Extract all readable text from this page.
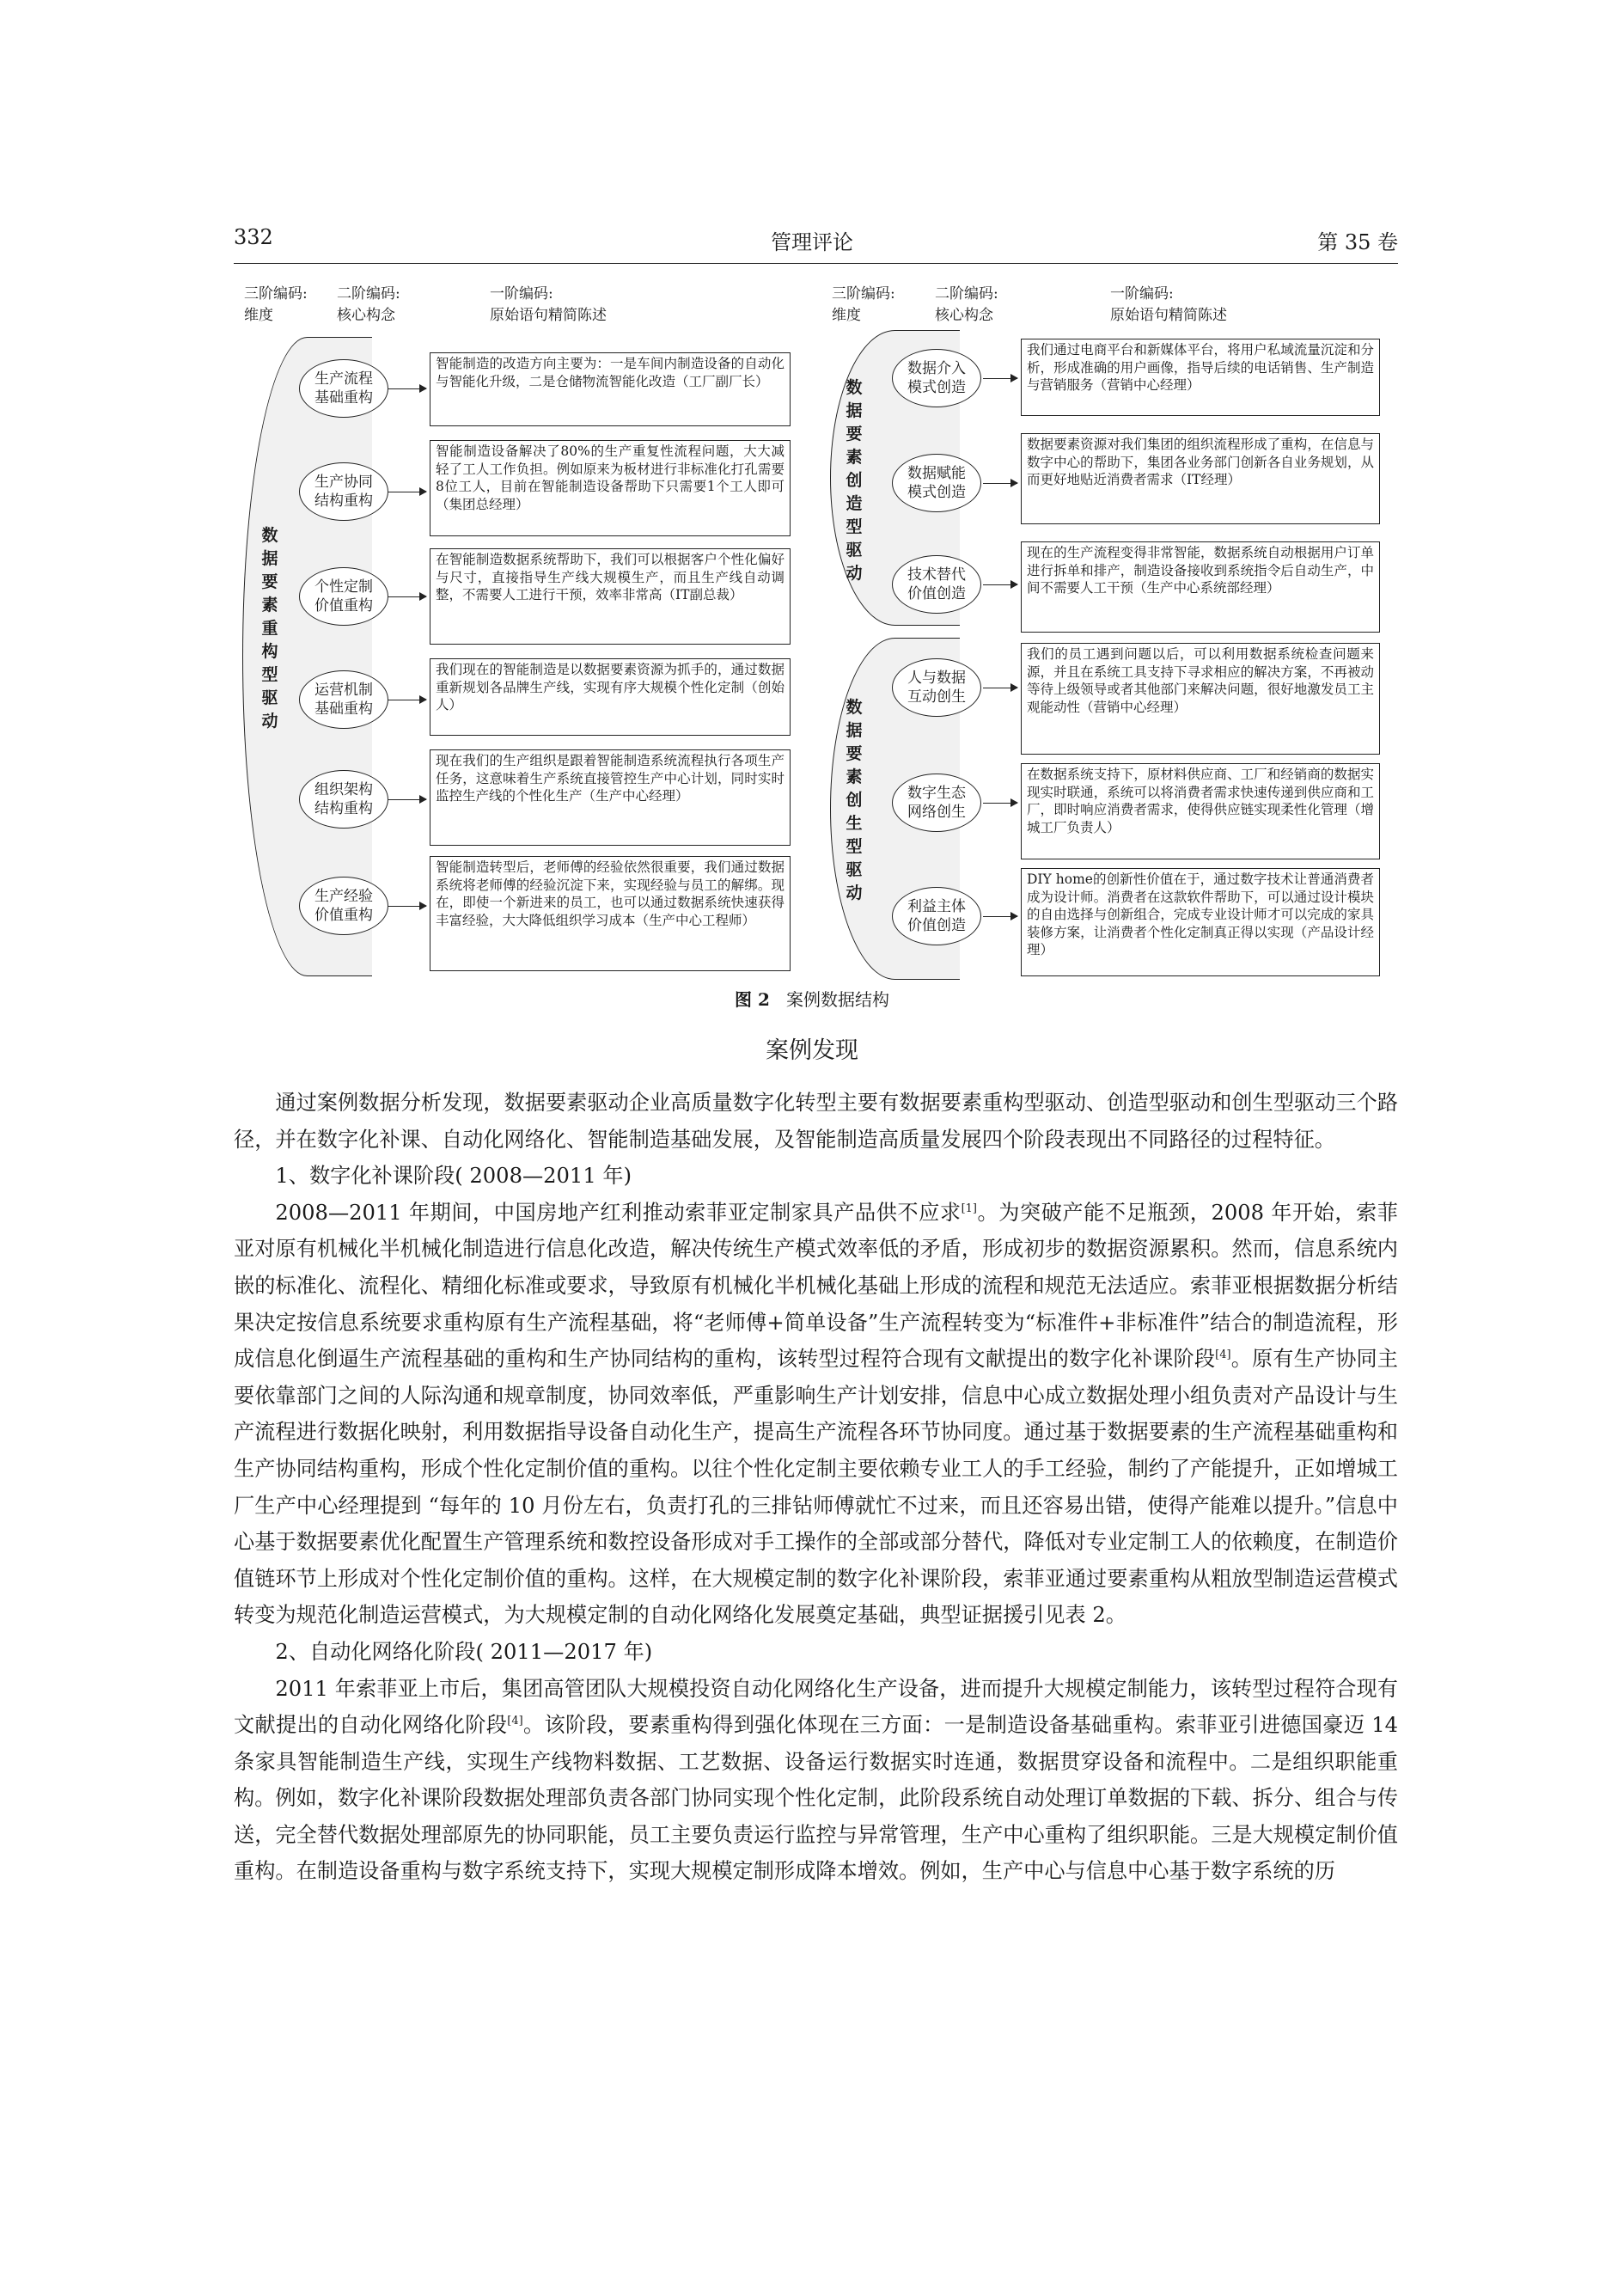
332	管理评论	第 35 卷
三阶编码:
维度
二阶编码:
核心构念
一阶编码:
原始语句精简陈述
数据要素重构型驱动
生产流程基础重构
智能制造的改造方向主要为：一是车间内制造设备的自动化与智能化升级，二是仓储物流智能化改造（工厂副厂长）
生产协同结构重构
智能制造设备解决了80%的生产重复性流程问题，大大减轻了工人工作负担。例如原来为板材进行非标准化打孔需要8位工人，目前在智能制造设备帮助下只需要1个工人即可（集团总经理）
个性定制价值重构
在智能制造数据系统帮助下，我们可以根据客户个性化偏好与尺寸，直接指导生产线大规模生产，而且生产线自动调整，不需要人工进行干预，效率非常高（IT副总裁）
运营机制基础重构
我们现在的智能制造是以数据要素资源为抓手的，通过数据重新规划各品牌生产线，实现有序大规模个性化定制（创始人）
组织架构结构重构
现在我们的生产组织是跟着智能制造系统流程执行各项生产任务，这意味着生产系统直接管控生产中心计划，同时实时监控生产线的个性化生产（生产中心经理）
生产经验价值重构
智能制造转型后，老师傅的经验依然很重要，我们通过数据系统将老师傅的经验沉淀下来，实现经验与员工的解绑。现在，即使一个新进来的员工，也可以通过数据系统快速获得丰富经验，大大降低组织学习成本（生产中心工程师）
三阶编码:
维度
二阶编码:
核心构念
一阶编码:
原始语句精简陈述
数据要素创造型驱动
数据要素创生型驱动
数据介入模式创造
我们通过电商平台和新媒体平台，将用户私域流量沉淀和分析，形成准确的用户画像，指导后续的电话销售、生产制造与营销服务（营销中心经理）
数据赋能模式创造
数据要素资源对我们集团的组织流程形成了重构，在信息与数字中心的帮助下，集团各业务部门创新各自业务规划，从而更好地贴近消费者需求（IT经理）
技术替代价值创造
现在的生产流程变得非常智能，数据系统自动根据用户订单进行拆单和排产，制造设备接收到系统指令后自动生产，中间不需要人工干预（生产中心系统部经理）
人与数据互动创生
我们的员工遇到问题以后，可以利用数据系统检查问题来源，并且在系统工具支持下寻求相应的解决方案，不再被动等待上级领导或者其他部门来解决问题，很好地激发员工主观能动性（营销中心经理）
数字生态网络创生
在数据系统支持下，原材料供应商、工厂和经销商的数据实现实时联通，系统可以将消费者需求快速传递到供应商和工厂，即时响应消费者需求，使得供应链实现柔性化管理（增城工厂负责人）
利益主体价值创造
DIY home的创新性价值在于，通过数字技术让普通消费者成为设计师。消费者在这款软件帮助下，可以通过设计模块的自由选择与创新组合，完成专业设计师才可以完成的家具装修方案，让消费者个性化定制真正得以实现（产品设计经理）
图 2 案例数据结构
案例发现

通过案例数据分析发现，数据要素驱动企业高质量数字化转型主要有数据要素重构型驱动、创造型驱动和创生型驱动三个路径，并在数字化补课、自动化网络化、智能制造基础发展，及智能制造高质量发展四个阶段表现出不同路径的过程特征。

1、数字化补课阶段( 2008—2011 年)

2008—2011 年期间，中国房地产红利推动索菲亚定制家具产品供不应求[1]。为突破产能不足瓶颈，2008 年开始，索菲亚对原有机械化半机械化制造进行信息化改造，解决传统生产模式效率低的矛盾，形成初步的数据资源累积。然而，信息系统内嵌的标准化、流程化、精细化标准或要求，导致原有机械化半机械化基础上形成的流程和规范无法适应。索菲亚根据数据分析结果决定按信息系统要求重构原有生产流程基础，将“老师傅+简单设备”生产流程转变为“标准件+非标准件”结合的制造流程，形成信息化倒逼生产流程基础的重构和生产协同结构的重构，该转型过程符合现有文献提出的数字化补课阶段[4]。原有生产协同主要依靠部门之间的人际沟通和规章制度，协同效率低，严重影响生产计划安排，信息中心成立数据处理小组负责对产品设计与生产流程进行数据化映射，利用数据指导设备自动化生产，提高生产流程各环节协同度。通过基于数据要素的生产流程基础重构和生产协同结构重构，形成个性化定制价值的重构。以往个性化定制主要依赖专业工人的手工经验，制约了产能提升，正如增城工厂生产中心经理提到 “每年的 10 月份左右，负责打孔的三排钻师傅就忙不过来，而且还容易出错，使得产能难以提升。”信息中心基于数据要素优化配置生产管理系统和数控设备形成对手工操作的全部或部分替代，降低对专业定制工人的依赖度，在制造价值链环节上形成对个性化定制价值的重构。这样，在大规模定制的数字化补课阶段，索菲亚通过要素重构从粗放型制造运营模式转变为规范化制造运营模式，为大规模定制的自动化网络化发展奠定基础，典型证据援引见表 2。

2、自动化网络化阶段( 2011—2017 年)

2011 年索菲亚上市后，集团高管团队大规模投资自动化网络化生产设备，进而提升大规模定制能力，该转型过程符合现有文献提出的自动化网络化阶段[4]。该阶段，要素重构得到强化体现在三方面：一是制造设备基础重构。索菲亚引进德国豪迈 14 条家具智能制造生产线，实现生产线物料数据、工艺数据、设备运行数据实时连通，数据贯穿设备和流程中。二是组织职能重构。例如，数字化补课阶段数据处理部负责各部门协同实现个性化定制，此阶段系统自动处理订单数据的下载、拆分、组合与传送，完全替代数据处理部原先的协同职能，员工主要负责运行监控与异常管理，生产中心重构了组织职能。三是大规模定制价值重构。在制造设备重构与数字系统支持下，实现大规模定制形成降本增效。例如，生产中心与信息中心基于数字系统的历
